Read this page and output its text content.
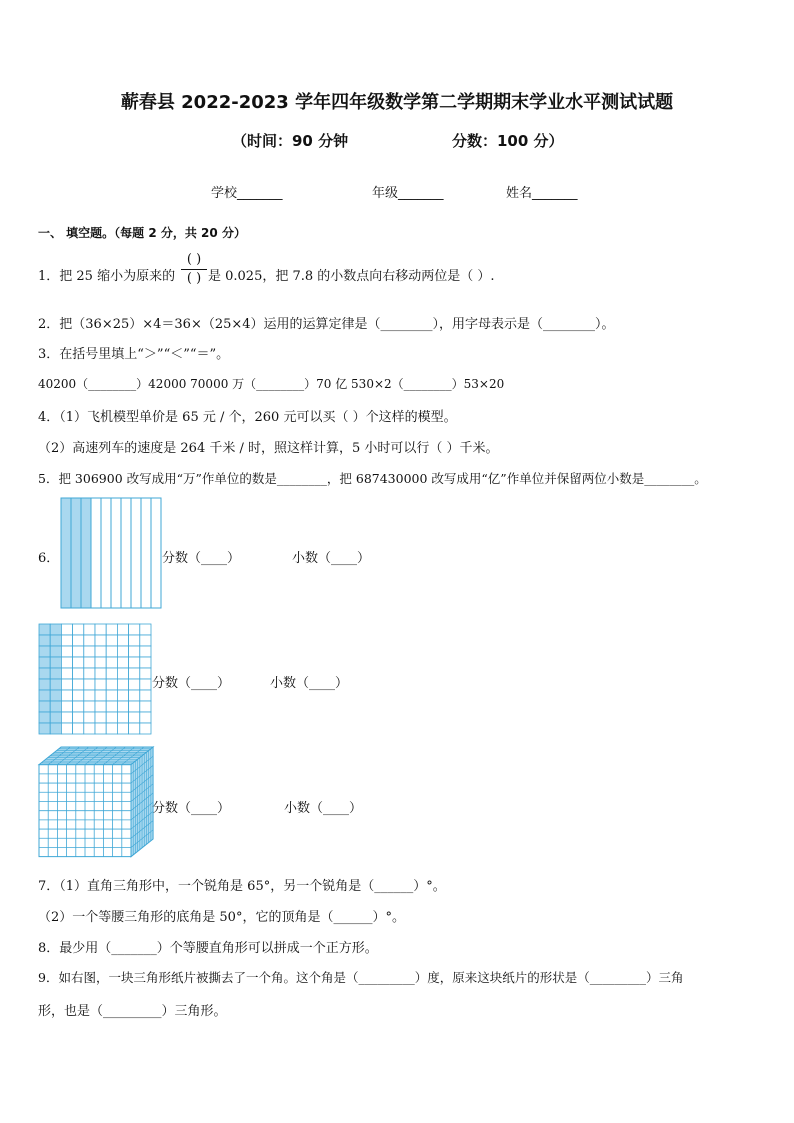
蕲春县 2022-2023 学年四年级数学第二学期期末学业水平测试试题
（时间：90 分钟	分数：100 分）
学校_______	年级_______	姓名_______
一、 填空题。（每题 2 分，共 20 分）
1．把 25 缩小为原来的
( )
( ) 是 0.025，把 7.8 的小数点向右移动两位是（ ）.
2．把（36×25）×4＝36×（25×4）运用的运算定律是（________），用字母表示是（________）。
3．在括号里填上“＞”“＜”“＝”。
40200（________）42000 70000 万（________）70 亿 530×2（________）53×20
4．（1）飞机模型单价是 65 元 / 个，260 元可以买（ ）个这样的模型。
（2）高速列车的速度是 264 千米 / 时，照这样计算，5 小时可以行（ ）千米。
5．把 306900 改写成用“万”作单位的数是________，把 687430000 改写成用“亿”作单位并保留两位小数是________。
6．	分数（____）	小数（____）
分数（____）	小数（____）
分数（____）	小数（____）
7．（1）直角三角形中，一个锐角是 65°，另一个锐角是（______）°。
（2）一个等腰三角形的底角是 50°，它的顶角是（______）°。
8．最少用（_______）个等腰直角形可以拼成一个正方形。
9．如右图，一块三角形纸片被撕去了一个角。这个角是（_________）度，原来这块纸片的形状是（_________）三角
形，也是（_________）三角形。
